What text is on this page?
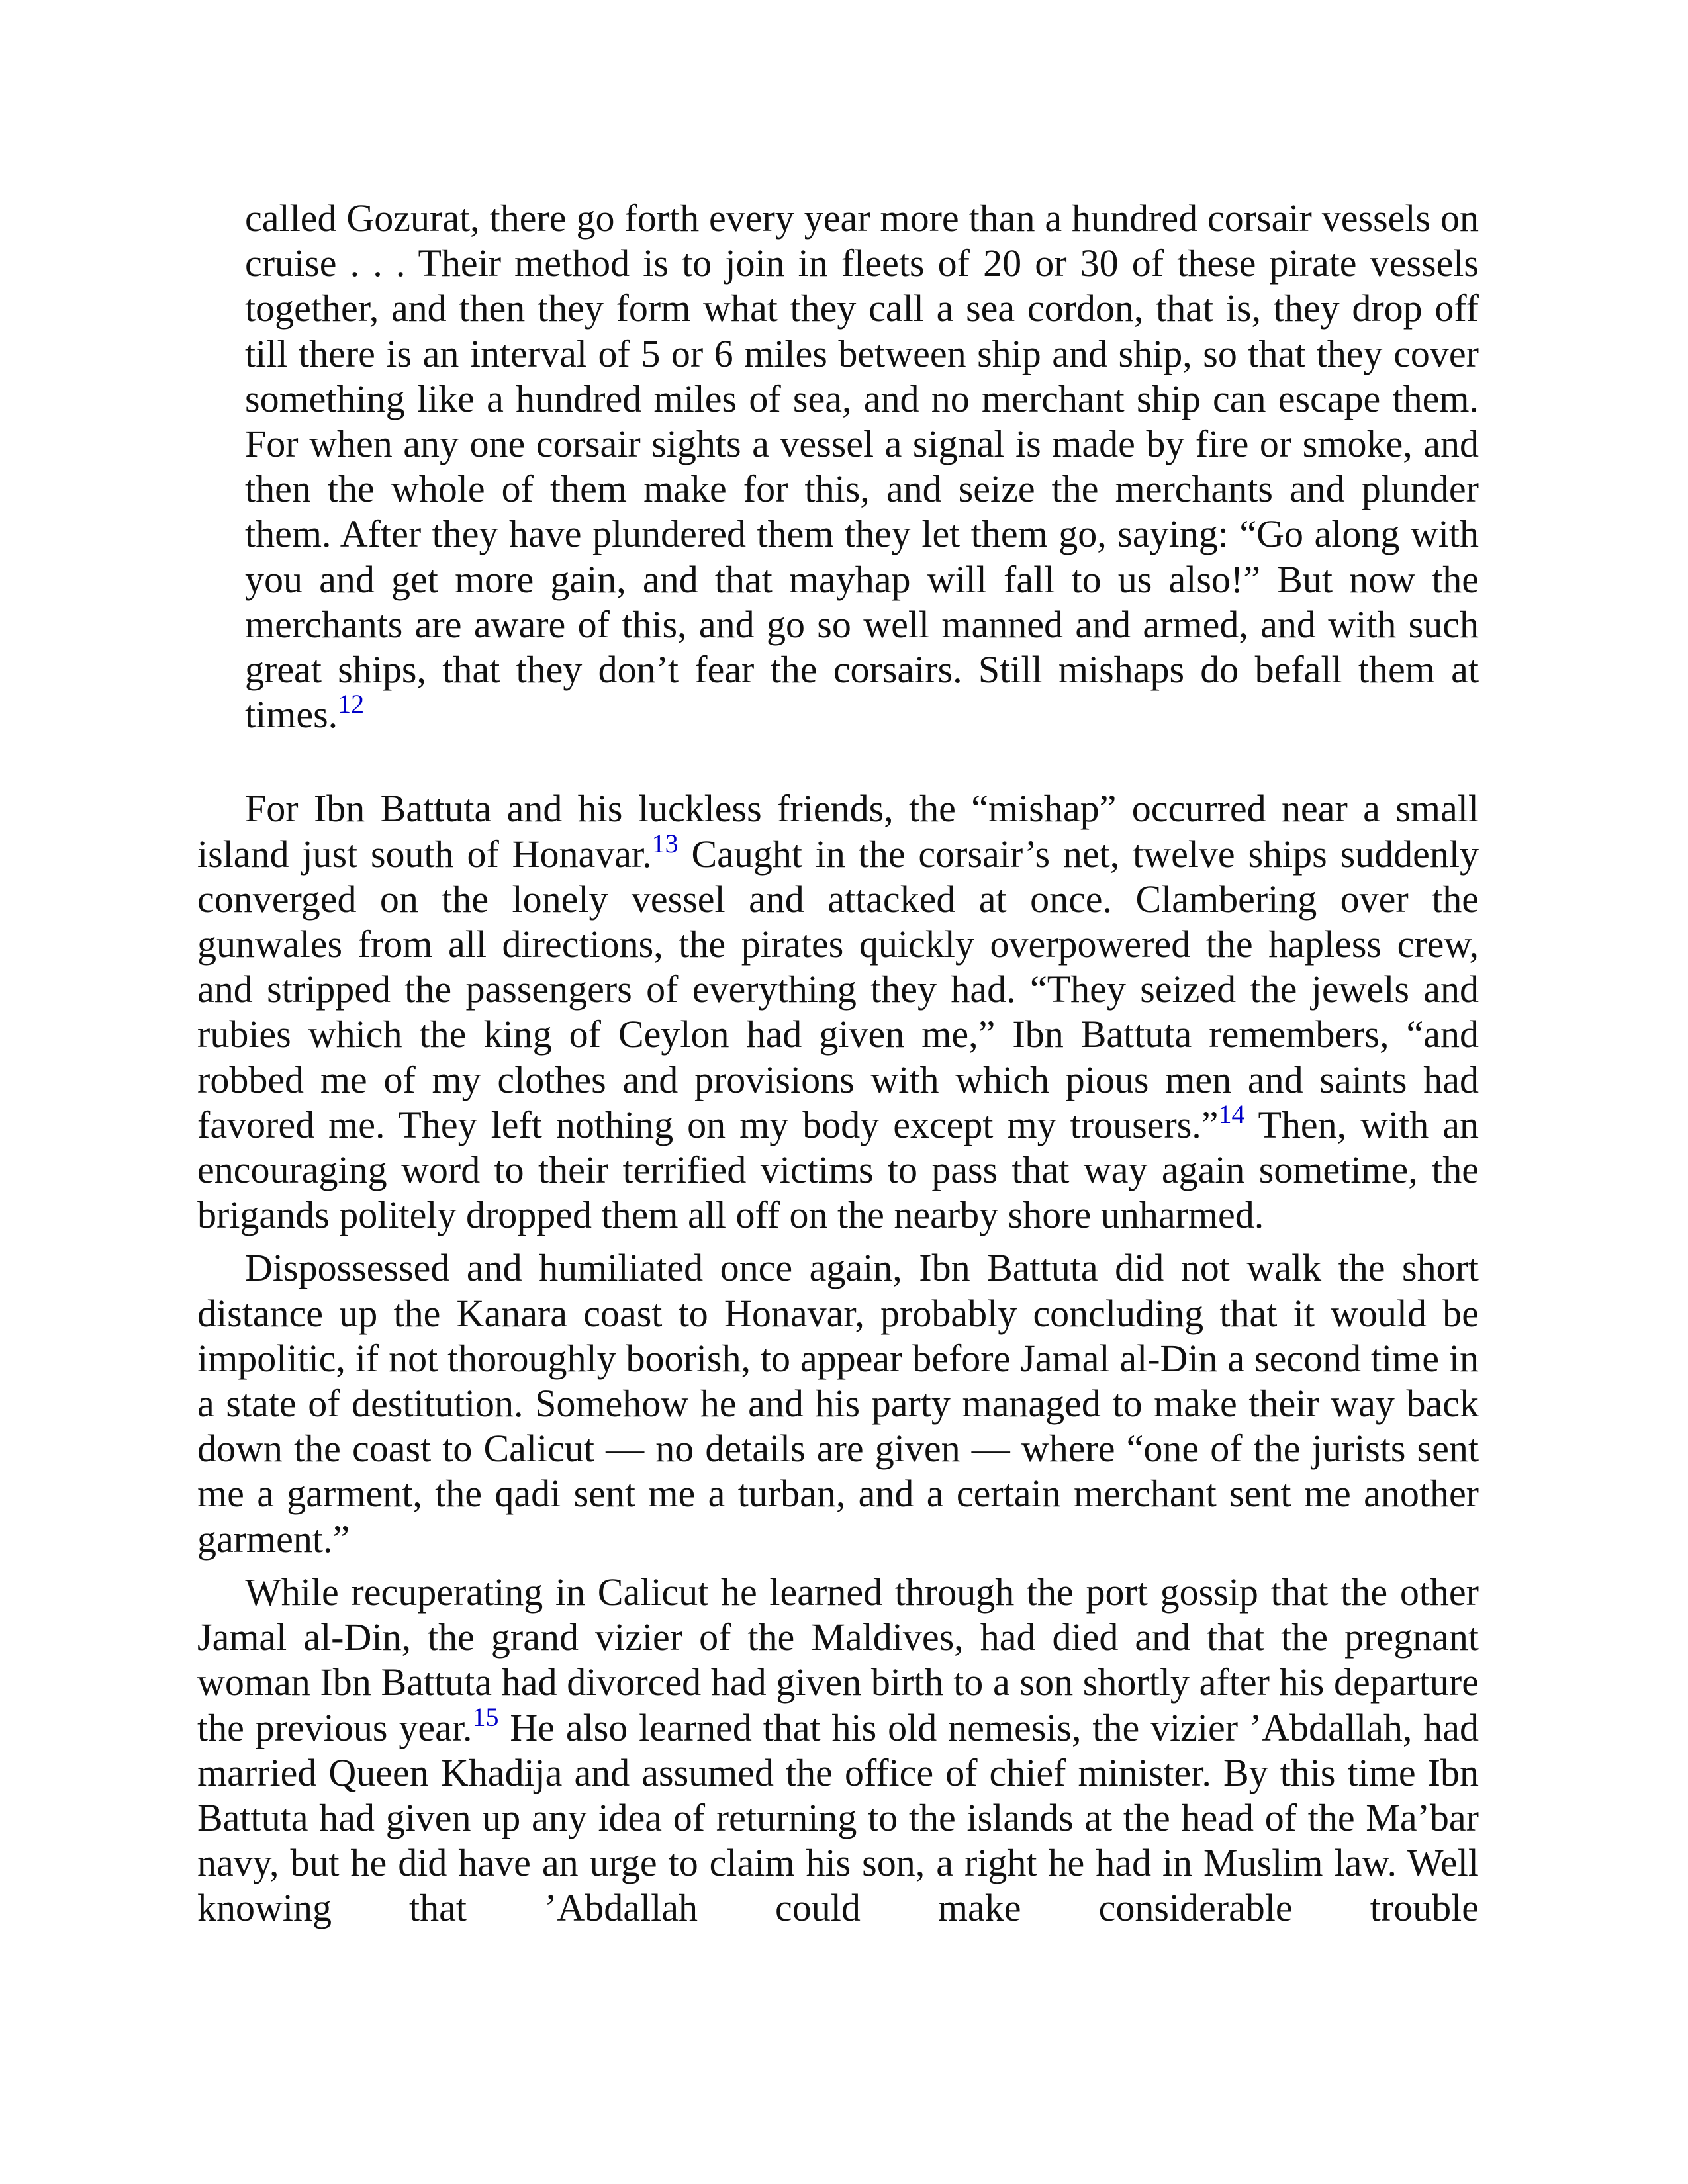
called Gozurat, there go forth every year more than a hundred corsair vessels on cruise . . . Their method is to join in fleets of 20 or 30 of these pirate vessels together, and then they form what they call a sea cordon, that is, they drop off till there is an interval of 5 or 6 miles between ship and ship, so that they cover something like a hundred miles of sea, and no merchant ship can escape them. For when any one corsair sights a vessel a signal is made by fire or smoke, and then the whole of them make for this, and seize the merchants and plunder them. After they have plundered them they let them go, saying: “Go along with you and get more gain, and that mayhap will fall to us also!” But now the merchants are aware of this, and go so well manned and armed, and with such great ships, that they don’t fear the corsairs. Still mishaps do befall them at times.$^{12}$

For Ibn Battuta and his luckless friends, the “mishap” occurred near a small island just south of Honavar.$^{13}$ Caught in the corsair’s net, twelve ships suddenly converged on the lonely vessel and attacked at once. Clambering over the gunwales from all directions, the pirates quickly overpowered the hapless crew, and stripped the passengers of everything they had. “They seized the jewels and rubies which the king of Ceylon had given me,” Ibn Battuta remembers, “and robbed me of my clothes and provisions with which pious men and saints had favored me. They left nothing on my body except my trousers.”$^{14}$ Then, with an encouraging word to their terrified victims to pass that way again sometime, the brigands politely dropped them all off on the nearby shore unharmed.

Dispossessed and humiliated once again, Ibn Battuta did not walk the short distance up the Kanara coast to Honavar, probably concluding that it would be impolitic, if not thoroughly boorish, to appear before Jamal al-Din a second time in a state of destitution. Somehow he and his party managed to make their way back down the coast to Calicut — no details are given — where “one of the jurists sent me a garment, the qadi sent me a turban, and a certain merchant sent me another garment.”

While recuperating in Calicut he learned through the port gossip that the other Jamal al-Din, the grand vizier of the Maldives, had died and that the pregnant woman Ibn Battuta had divorced had given birth to a son shortly after his departure the previous year.$^{15}$ He also learned that his old nemesis, the vizier ’Abdallah, had married Queen Khadija and assumed the office of chief minister. By this time Ibn Battuta had given up any idea of returning to the islands at the head of the Ma’bar navy, but he did have an urge to claim his son, a right he had in Muslim law. Well knowing that ’Abdallah could make considerable trouble
